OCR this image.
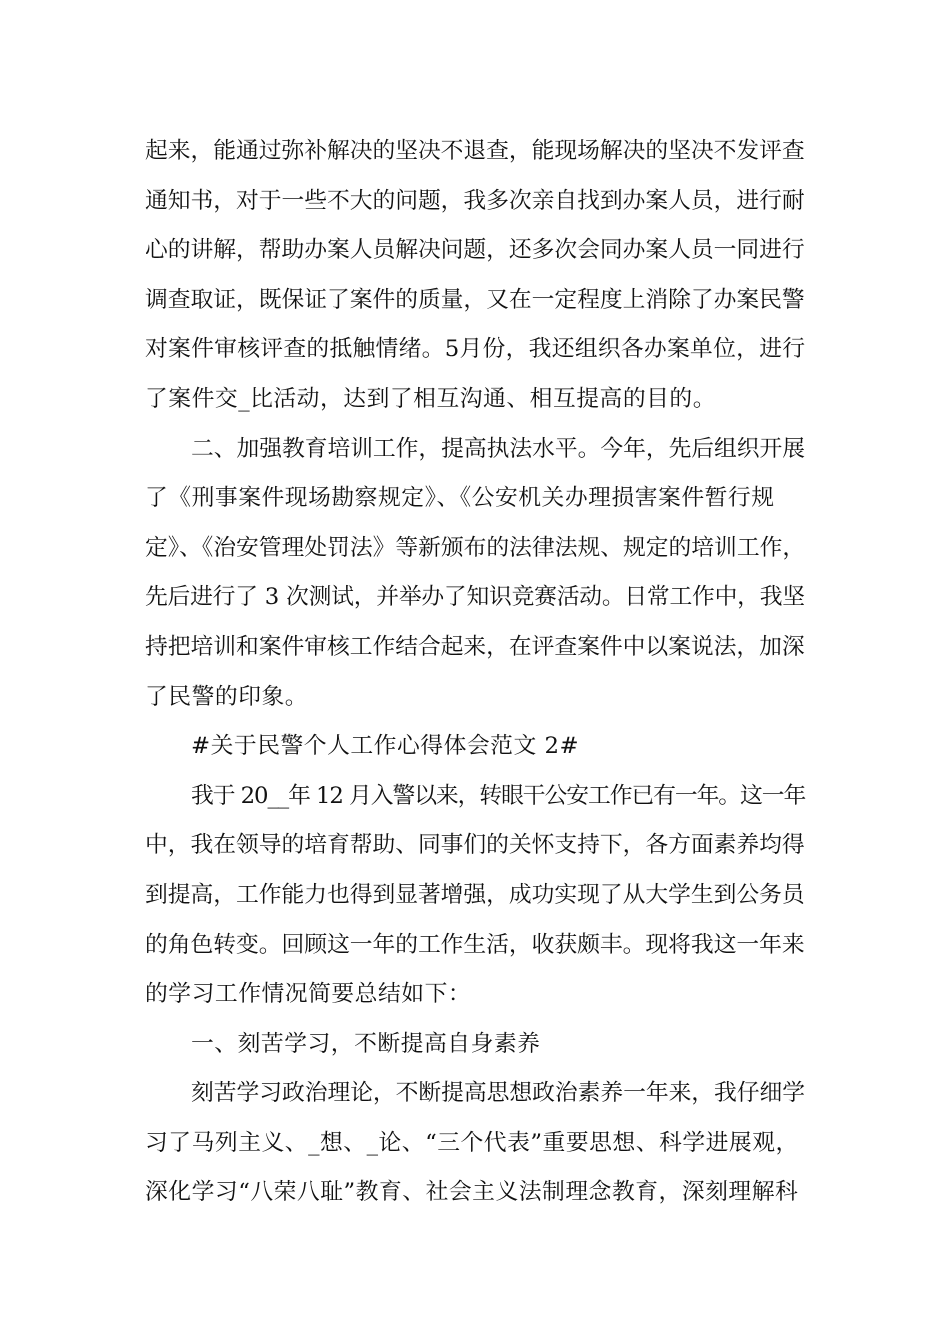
起来，能通过弥补解决的坚决不退查，能现场解决的坚决不发评查
通知书，对于一些不大的问题，我多次亲自找到办案人员，进行耐
心的讲解，帮助办案人员解决问题，还多次会同办案人员一同进行
调查取证，既保证了案件的质量，又在一定程度上消除了办案民警
对案件审核评查的抵触情绪。5月份，我还组织各办案单位，进行
了案件交_比活动，达到了相互沟通、相互提高的目的。
二、加强教育培训工作，提高执法水平。今年，先后组织开展
了《刑事案件现场勘察规定》、《公安机关办理损害案件暂行规
定》、《治安管理处罚法》等新颁布的法律法规、规定的培训工作，
先后进行了 3 次测试，并举办了知识竞赛活动。日常工作中，我坚
持把培训和案件审核工作结合起来，在评查案件中以案说法，加深
了民警的印象。
#关于民警个人工作心得体会范文 2#
我于 20__年 12 月入警以来，转眼干公安工作已有一年。这一年
中，我在领导的培育帮助、同事们的关怀支持下，各方面素养均得
到提高，工作能力也得到显著增强，成功实现了从大学生到公务员
的角色转变。回顾这一年的工作生活，收获颇丰。现将我这一年来
的学习工作情况简要总结如下：
一、刻苦学习，不断提高自身素养
刻苦学习政治理论，不断提高思想政治素养一年来，我仔细学
习了马列主义、_想、_论、“三个代表”重要思想、科学进展观，
深化学习“八荣八耻”教育、社会主义法制理念教育，深刻理解科
